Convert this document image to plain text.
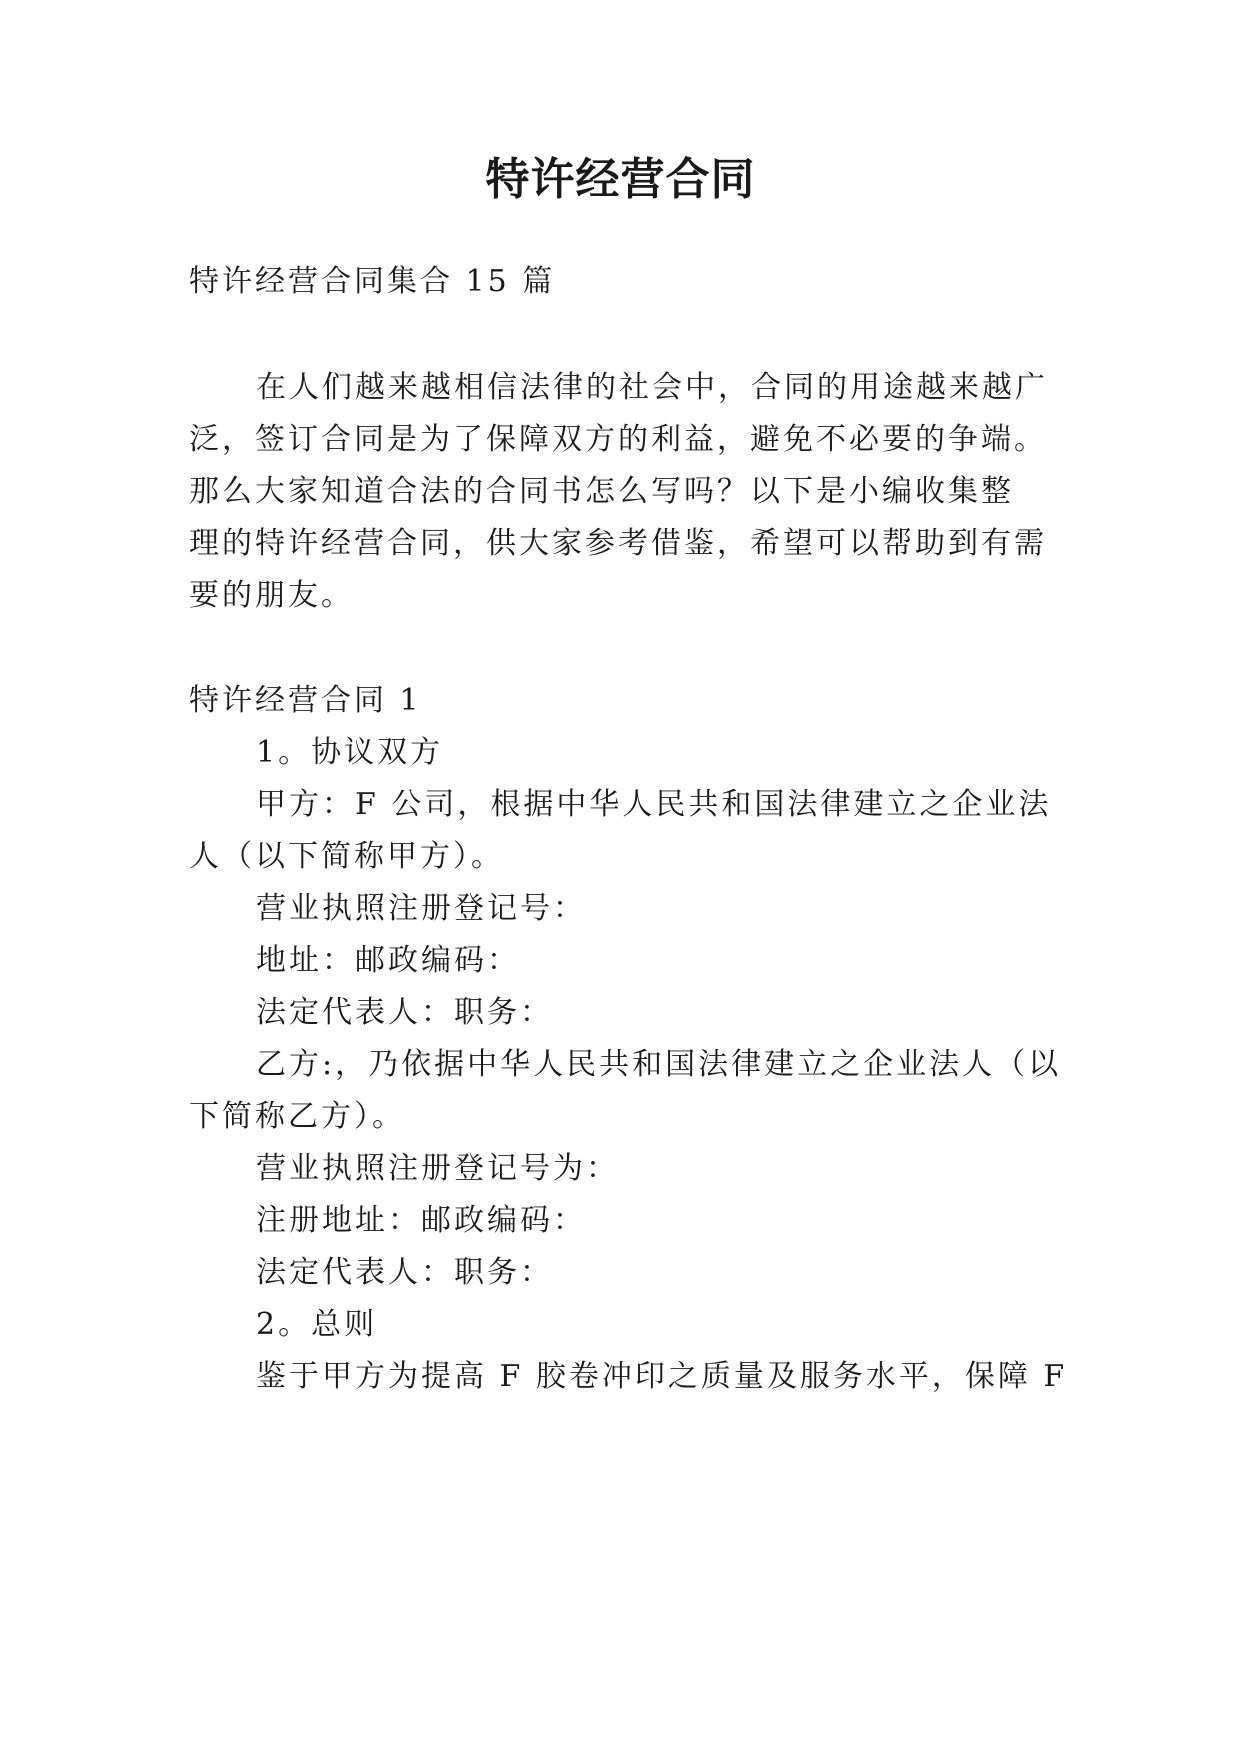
特许经营合同

特许经营合同集合 15 篇

在人们越来越相信法律的社会中，合同的用途越来越广

泛，签订合同是为了保障双方的利益，避免不必要的争端。

那么大家知道合法的合同书怎么写吗？以下是小编收集整

理的特许经营合同，供大家参考借鉴，希望可以帮助到有需

要的朋友。

特许经营合同 1

1。协议双方

甲方：F 公司，根据中华人民共和国法律建立之企业法

人（以下简称甲方）。

营业执照注册登记号：

地址：邮政编码：

法定代表人：职务：

乙方:，乃依据中华人民共和国法律建立之企业法人（以

下简称乙方）。

营业执照注册登记号为：

注册地址：邮政编码：

法定代表人：职务：

2。总则

鉴于甲方为提高 F 胶卷冲印之质量及服务水平，保障 F
